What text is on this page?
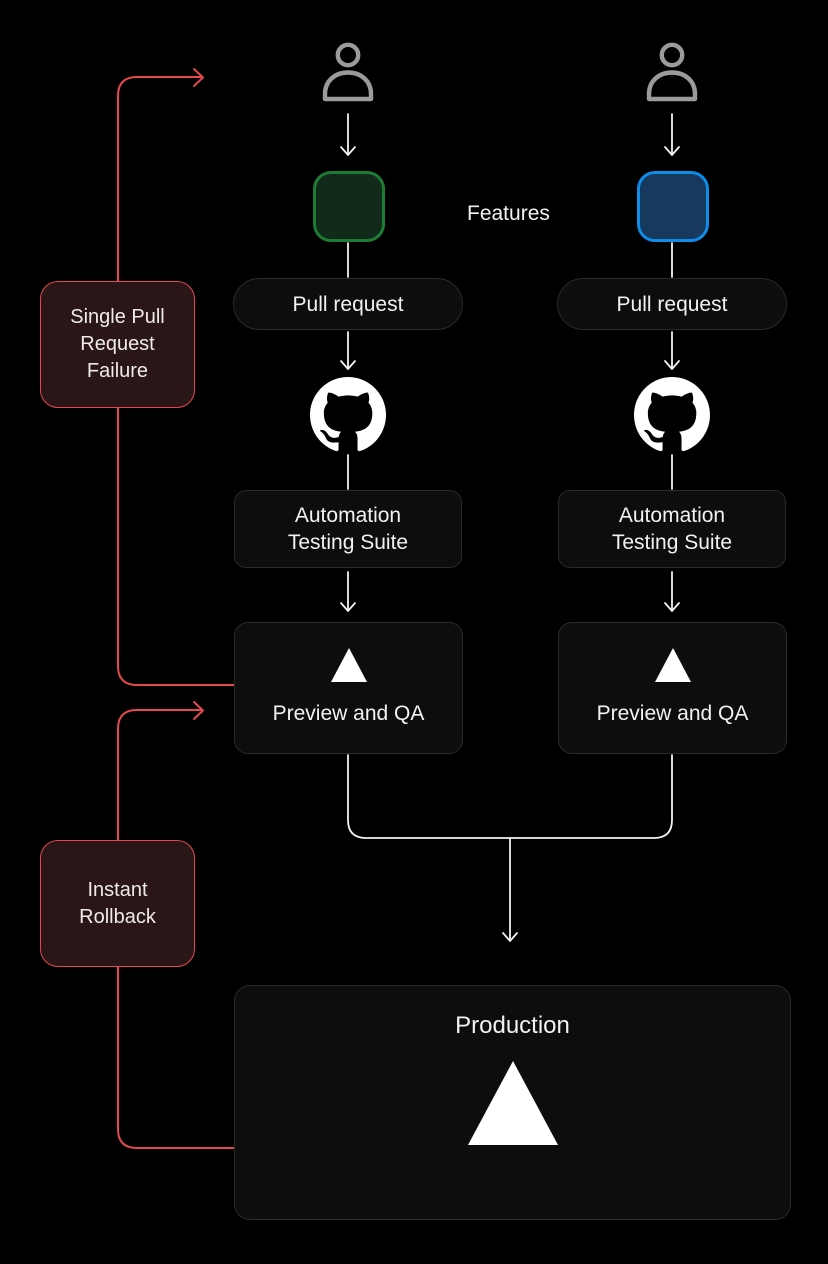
Features
Pull request	Pull request
Automation
Testing Suite
Automation
Testing Suite
Preview and QA	Preview and QA
Production
Single Pull
Request
Failure
Instant
Rollback
